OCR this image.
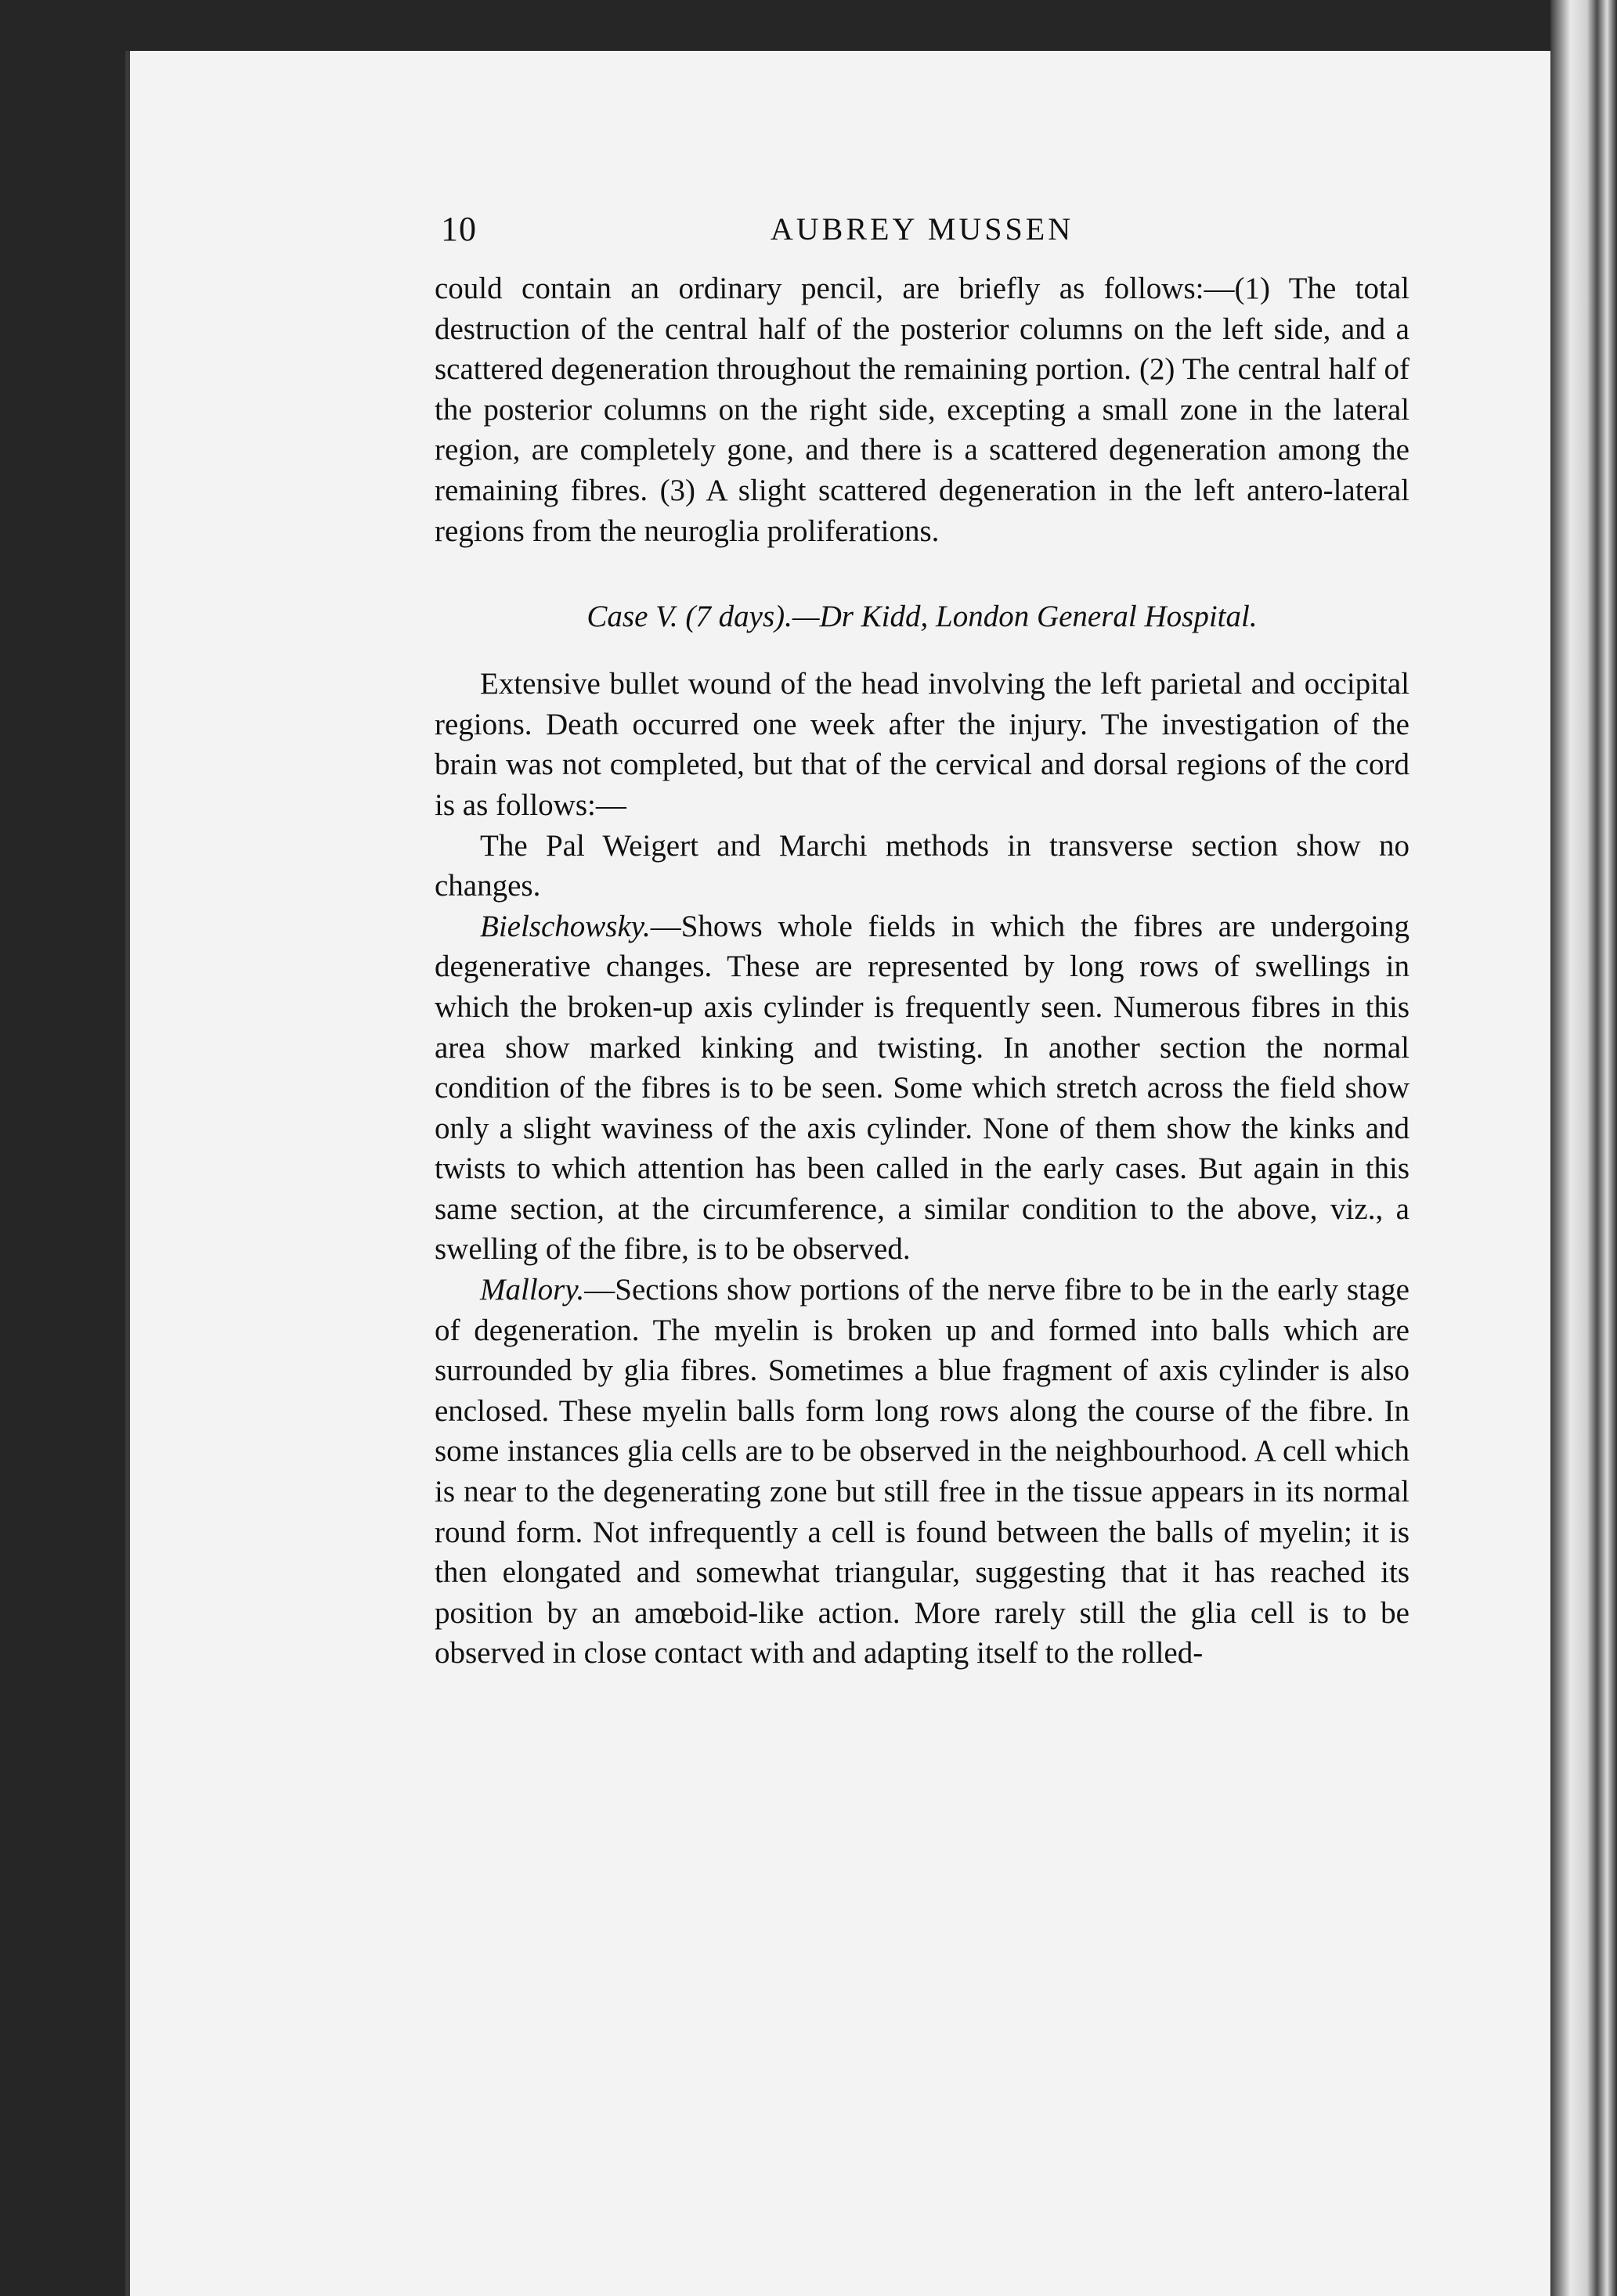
10	AUBREY MUSSEN

could contain an ordinary pencil, are briefly as follows:—(1) The total destruction of the central half of the posterior columns on the left side, and a scattered degeneration throughout the remaining portion. (2) The central half of the posterior columns on the right side, excepting a small zone in the lateral region, are completely gone, and there is a scattered degeneration among the remaining fibres. (3) A slight scattered degeneration in the left antero-lateral regions from the neuroglia proliferations.

Case V. (7 days).—Dr Kidd, London General Hospital.

Extensive bullet wound of the head involving the left parietal and occipital regions. Death occurred one week after the injury. The investigation of the brain was not completed, but that of the cervical and dorsal regions of the cord is as follows:—

The Pal Weigert and Marchi methods in transverse section show no changes.

Bielschowsky.—Shows whole fields in which the fibres are undergoing degenerative changes. These are represented by long rows of swellings in which the broken-up axis cylinder is frequently seen. Numerous fibres in this area show marked kinking and twisting. In another section the normal condition of the fibres is to be seen. Some which stretch across the field show only a slight waviness of the axis cylinder. None of them show the kinks and twists to which attention has been called in the early cases. But again in this same section, at the circumference, a similar condition to the above, viz., a swelling of the fibre, is to be observed.

Mallory.—Sections show portions of the nerve fibre to be in the early stage of degeneration. The myelin is broken up and formed into balls which are surrounded by glia fibres. Sometimes a blue fragment of axis cylinder is also enclosed. These myelin balls form long rows along the course of the fibre. In some instances glia cells are to be observed in the neighbourhood. A cell which is near to the degenerating zone but still free in the tissue appears in its normal round form. Not infrequently a cell is found between the balls of myelin; it is then elongated and somewhat triangular, suggesting that it has reached its position by an amœboid-like action. More rarely still the glia cell is to be observed in close contact with and adapting itself to the rolled-
